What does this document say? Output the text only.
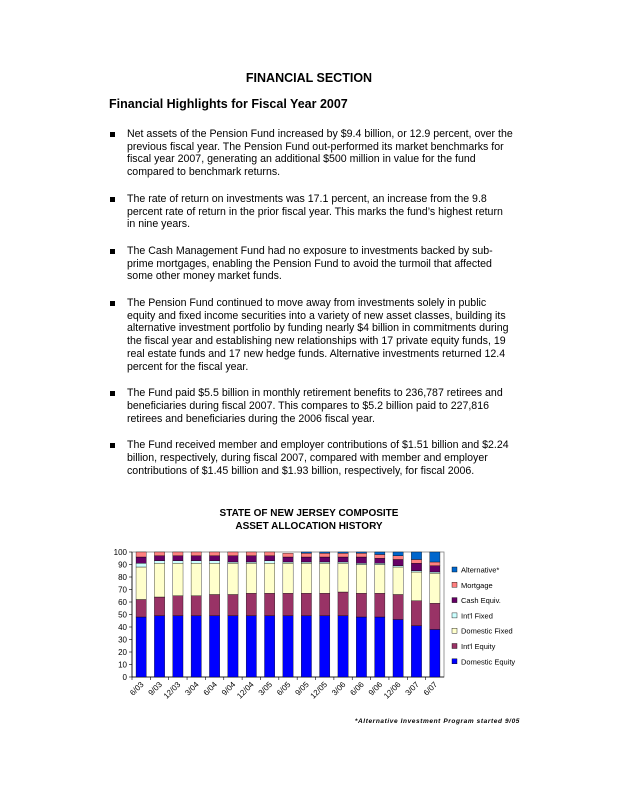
FINANCIAL SECTION
Financial Highlights for Fiscal Year 2007
Net assets of the Pension Fund increased by $9.4 billion, or 12.9 percent, over the previous fiscal year. The Pension Fund out-performed its market benchmarks for fiscal year 2007, generating an additional $500 million in value for the fund compared to benchmark returns.
The rate of return on investments was 17.1 percent, an increase from the 9.8 percent rate of return in the prior fiscal year. This marks the fund’s highest return in nine years.
The Cash Management Fund had no exposure to investments backed by sub-prime mortgages, enabling the Pension Fund to avoid the turmoil that affected some other money market funds.
The Pension Fund continued to move away from investments solely in public equity and fixed income securities into a variety of new asset classes, building its alternative investment portfolio by funding nearly $4 billion in commitments during the fiscal year and establishing new relationships with 17 private equity funds, 19 real estate funds and 17 new hedge funds. Alternative investments returned 12.4 percent for the fiscal year.
The Fund paid $5.5 billion in monthly retirement benefits to 236,787 retirees and beneficiaries during fiscal 2007. This compares to $5.2 billion paid to 227,816 retirees and beneficiaries during the 2006 fiscal year.
The Fund received member and employer contributions of $1.51 billion and $2.24 billion, respectively, during fiscal 2007, compared with member and employer contributions of $1.45 billion and $1.93 billion, respectively, for fiscal 2006.
STATE OF NEW JERSEY COMPOSITE
ASSET ALLOCATION HISTORY
0
10
20
30
40
50
60
70
80
90
100
6/03 9/03
12/03 3/04 6/04 9/04
12/04 3/05 6/05 9/05
12/05 3/06 6/06 9/06
12/06 3/07 6/07
Alternative*
Mortgage
Cash Equiv.
Int'l Fixed
Domestic Fixed
Int'l Equity
Domestic Equity
*Alternative Investment Program started 9/05
